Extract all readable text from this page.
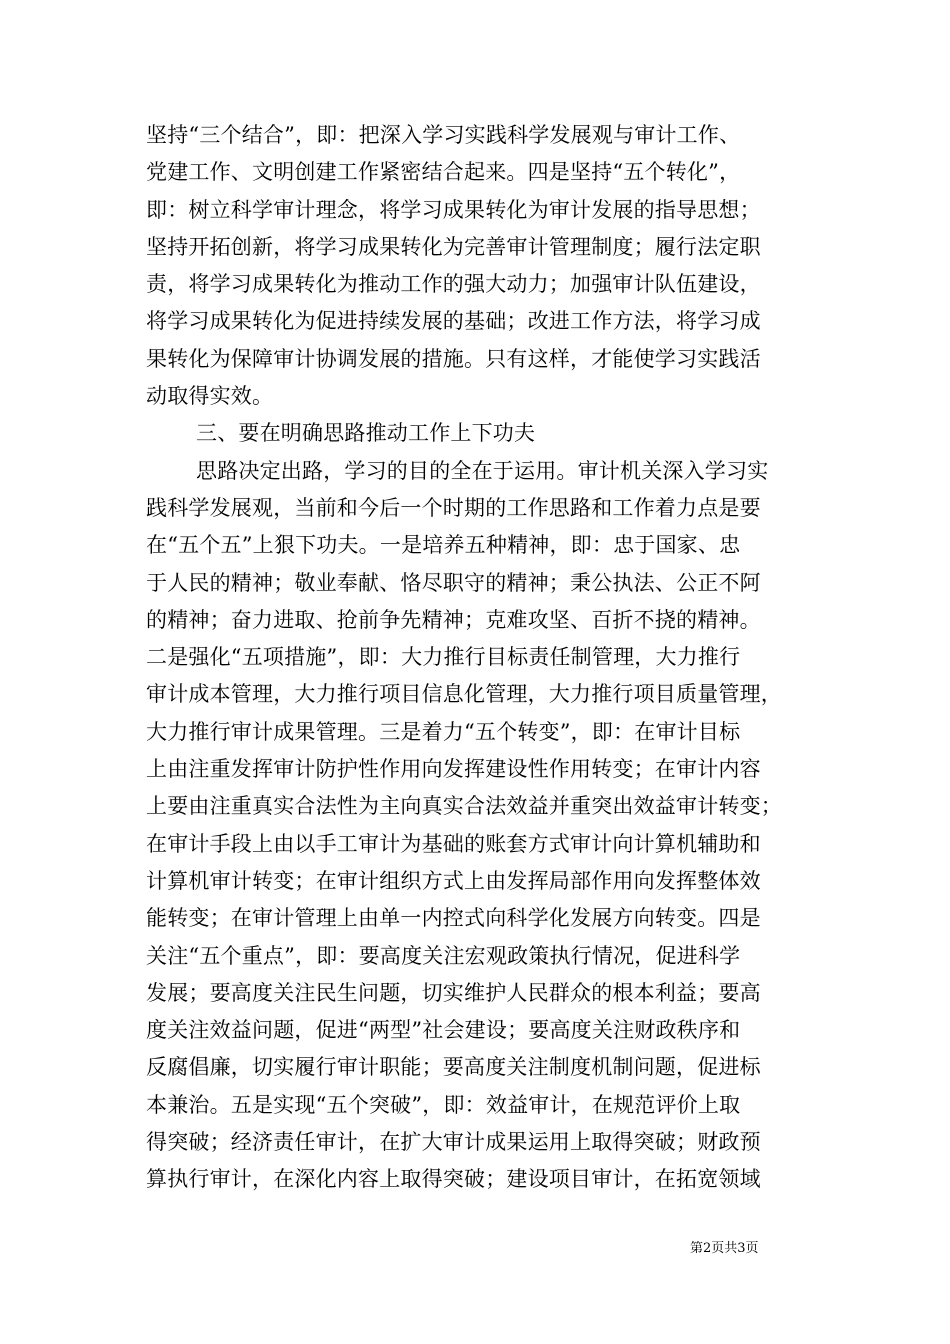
坚持“三个结合”，即：把深入学习实践科学发展观与审计工作、
党建工作、文明创建工作紧密结合起来。四是坚持“五个转化”，
即：树立科学审计理念，将学习成果转化为审计发展的指导思想；
坚持开拓创新，将学习成果转化为完善审计管理制度；履行法定职
责，将学习成果转化为推动工作的强大动力；加强审计队伍建设，
将学习成果转化为促进持续发展的基础；改进工作方法，将学习成
果转化为保障审计协调发展的措施。只有这样，才能使学习实践活
动取得实效。
三、要在明确思路推动工作上下功夫
思路决定出路，学习的目的全在于运用。审计机关深入学习实
践科学发展观，当前和今后一个时期的工作思路和工作着力点是要
在“五个五”上狠下功夫。一是培养五种精神，即：忠于国家、忠
于人民的精神；敬业奉献、恪尽职守的精神；秉公执法、公正不阿
的精神；奋力进取、抢前争先精神；克难攻坚、百折不挠的精神。
二是强化“五项措施”，即：大力推行目标责任制管理，大力推行
审计成本管理，大力推行项目信息化管理，大力推行项目质量管理，
大力推行审计成果管理。三是着力“五个转变”，即：在审计目标
上由注重发挥审计防护性作用向发挥建设性作用转变；在审计内容
上要由注重真实合法性为主向真实合法效益并重突出效益审计转变；
在审计手段上由以手工审计为基础的账套方式审计向计算机辅助和
计算机审计转变；在审计组织方式上由发挥局部作用向发挥整体效
能转变；在审计管理上由单一内控式向科学化发展方向转变。四是
关注“五个重点”，即：要高度关注宏观政策执行情况，促进科学
发展；要高度关注民生问题，切实维护人民群众的根本利益；要高
度关注效益问题，促进“两型”社会建设；要高度关注财政秩序和
反腐倡廉，切实履行审计职能；要高度关注制度机制问题，促进标
本兼治。五是实现“五个突破”，即：效益审计，在规范评价上取
得突破；经济责任审计，在扩大审计成果运用上取得突破；财政预
算执行审计，在深化内容上取得突破；建设项目审计，在拓宽领域
第2页共3页
